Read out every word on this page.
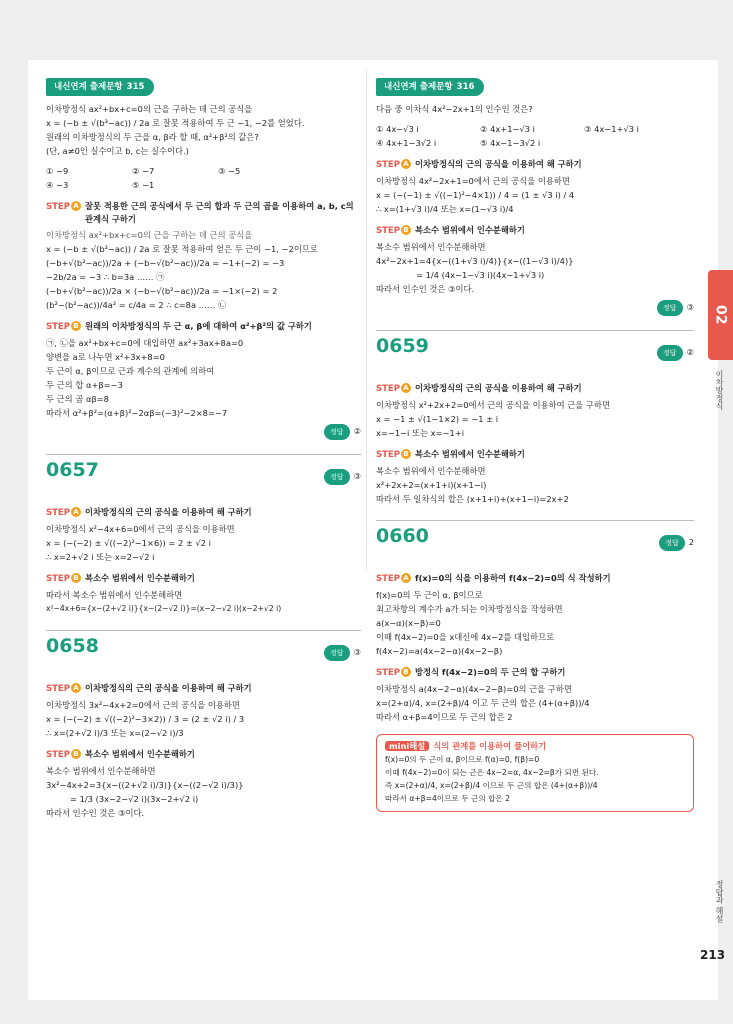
내신연계 출제문항 315
이차방정식 ax²+bx+c=0의 근을 구하는 데 근의 공식을
x = (−b ± √(b³−ac)) / 2a 로 잘못 적용하여 두 근 −1, −2를 얻었다.
원래의 이차방정식의 두 근을 α, β라 할 때, α²+β²의 값은?
(단, a≠0인 실수이고 b, c는 실수이다.)
① −9	② −7	③ −5
④ −3	⑤ −1
STEP A 잘못 적용한 근의 공식에서 두 근의 합과 두 근의 곱을 이용하여 a, b, c의 관계식 구하기
이차방정식 ax²+bx+c=0의 근을 구하는 데 근의 공식을
x = (−b ± √(b²−ac)) / 2a 로 잘못 적용하여 얻은 두 근이 −1, −2이므로
(−b+√(b²−ac))/2a + (−b−√(b²−ac))/2a = −1+(−2) = −3
−2b/2a = −3 ∴ b=3a …… ㉠
(−b+√(b²−ac))/2a × (−b−√(b²−ac))/2a = −1×(−2) = 2
(b²−(b²−ac))/4a² = c/4a = 2 ∴ c=8a …… ㉡
STEP B 원래의 이차방정식의 두 근 α, β에 대하여 α²+β²의 값 구하기
㉠, ㉡을 ax²+bx+c=0에 대입하면 ax²+3ax+8a=0
양변을 a로 나누면 x²+3x+8=0
두 근이 α, β이므로 근과 계수의 관계에 의하여
두 근의 합 α+β=−3
두 근의 곱 αβ=8
따라서 α²+β²=(α+β)²−2αβ=(−3)²−2×8=−7
정답 ②
0657	정답 ③
STEP A 이차방정식의 근의 공식을 이용하여 해 구하기
이차방정식 x²−4x+6=0에서 근의 공식을 이용하면
x = (−(−2) ± √((−2)²−1×6)) = 2 ± √2 i
∴ x=2+√2 i 또는 x=2−√2 i
STEP B 복소수 범위에서 인수분해하기
따라서 복소수 범위에서 인수분해하면
x²−4x+6={x−(2+√2 i)}{x−(2−√2 i)}=(x−2−√2 i)(x−2+√2 i)
0658	정답 ③
STEP A 이차방정식의 근의 공식을 이용하여 해 구하기
이차방정식 3x²−4x+2=0에서 근의 공식을 이용하면
x = (−(−2) ± √((−2)²−3×2)) / 3 = (2 ± √2 i) / 3
∴ x=(2+√2 i)/3 또는 x=(2−√2 i)/3
STEP B 복소수 범위에서 인수분해하기
복소수 범위에서 인수분해하면
3x²−4x+2=3{x−((2+√2 i)/3)}{x−((2−√2 i)/3)}
= 1/3 (3x−2−√2 i)(3x−2+√2 i)
따라서 인수인 것은 ③이다.
내신연계 출제문항 316
다음 중 이차식 4x²−2x+1의 인수인 것은?
① 4x−√3 i	② 4x+1−√3 i	③ 4x−1+√3 i
④ 4x+1−3√2 i	⑤ 4x−1−3√2 i
STEP A 이차방정식의 근의 공식을 이용하여 해 구하기
이차방정식 4x²−2x+1=0에서 근의 공식을 이용하면
x = (−(−1) ± √((−1)²−4×1)) / 4 = (1 ± √3 i) / 4
∴ x=(1+√3 i)/4 또는 x=(1−√3 i)/4
STEP B 복소수 범위에서 인수분해하기
복소수 범위에서 인수분해하면
4x²−2x+1=4{x−((1+√3 i)/4)}{x−((1−√3 i)/4)}
= 1/4 (4x−1−√3 i)(4x−1+√3 i)
따라서 인수인 것은 ③이다.
정답 ③
0659	정답 ②
STEP A 이차방정식의 근의 공식을 이용하여 해 구하기
이차방정식 x²+2x+2=0에서 근의 공식을 이용하여 근을 구하면
x = −1 ± √(1−1×2) = −1 ± i
x=−1−i 또는 x=−1+i
STEP B 복소수 범위에서 인수분해하기
복소수 범위에서 인수분해하면
x²+2x+2=(x+1+i)(x+1−i)
따라서 두 일차식의 합은 (x+1+i)+(x+1−i)=2x+2
0660	정답 2
STEP A f(x)=0의 식을 이용하여 f(4x−2)=0의 식 작성하기
f(x)=0의 두 근이 α, β이므로
최고차항의 계수가 a가 되는 이차방정식을 작성하면
a(x−α)(x−β)=0
이때 f(4x−2)=0을 x대신에 4x−2를 대입하므로
f(4x−2)=a(4x−2−α)(4x−2−β)
STEP B 방정식 f(4x−2)=0의 두 근의 합 구하기
이차방정식 a(4x−2−α)(4x−2−β)=0의 근을 구하면
x=(2+α)/4, x=(2+β)/4 이고 두 근의 합은 (4+(α+β))/4
따라서 α+β=4이므로 두 근의 합은 2
mini해설 식의 관계를 이용하여 풀이하기
f(x)=0의 두 근이 α, β이므로 f(α)=0, f(β)=0
이때 f(4x−2)=0이 되는 근은 4x−2=α, 4x−2=β가 되면 된다.
즉 x=(2+α)/4, x=(2+β)/4 이므로 두 근의 합은 (4+(α+β))/4
따라서 α+β=4이므로 두 근의 합은 2
02
이차방정식
정답과 해설
213
